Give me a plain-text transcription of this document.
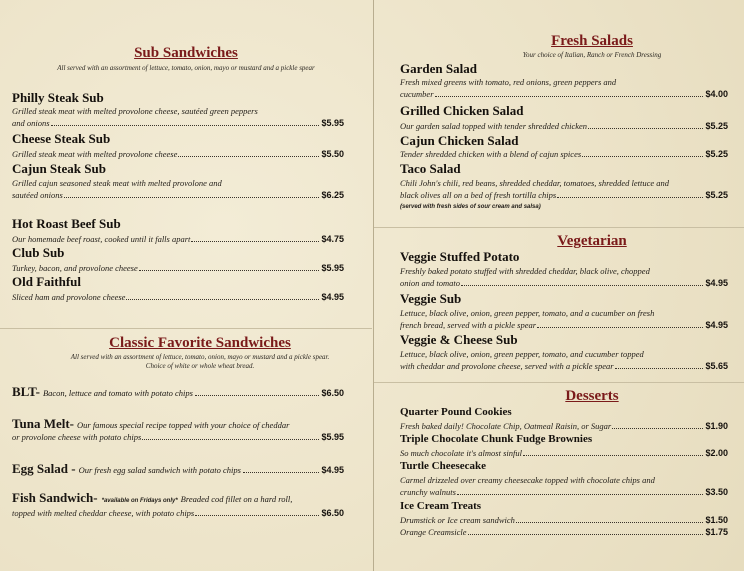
Sub Sandwiches
All served with an assortment of lettuce, tomato, onion, mayo or mustard and a pickle spear
Philly Steak Sub
Grilled steak meat with melted provolone cheese, sautéed green peppers
and onions	$5.95
Cheese Steak Sub
Grilled steak meat with melted provolone cheese	$5.50
Cajun Steak Sub
Grilled cajun seasoned steak meat with melted provolone and
sautéed onions	$6.25
Hot Roast Beef Sub
Our homemade beef roast, cooked until it falls apart	$4.75
Club Sub
Turkey, bacon, and provolone cheese	$5.95
Old Faithful
Sliced ham and provolone cheese	$4.95
Classic Favorite Sandwiches
All served with an assortment of lettuce, tomato, onion, mayo or mustard and a pickle spear.
Choice of white or whole wheat bread.
BLT- Bacon, lettuce and tomato with potato chips	$6.50
Tuna Melt- Our famous special recipe topped with your choice of cheddar
or provolone cheese with potato chips	$5.95
Egg Salad - Our fresh egg salad sandwich with potato chips	$4.95
Fish Sandwich- *available on Fridays only* Breaded cod fillet on a hard roll,
topped with melted cheddar cheese, with potato chips	$6.50
Fresh Salads
Your choice of Italian, Ranch or French Dressing
Garden Salad
Fresh mixed greens with tomato, red onions, green peppers and
cucumber	$4.00
Grilled Chicken Salad
Our garden salad topped with tender shredded chicken	$5.25
Cajun Chicken Salad
Tender shredded chicken with a blend of cajun spices	$5.25
Taco Salad
Chili John's chili, red beans, shredded cheddar, tomatoes, shredded lettuce and
black olives all on a bed of fresh tortilla chips	$5.25
(served with fresh sides of sour cream and salsa)
Vegetarian
Veggie Stuffed Potato
Freshly baked potato stuffed with shredded cheddar, black olive, chopped
onion and tomato	$4.95
Veggie Sub
Lettuce, black olive, onion, green pepper, tomato, and a cucumber on fresh
french bread, served with a pickle spear	$4.95
Veggie & Cheese Sub
Lettuce, black olive, onion, green pepper, tomato, and cucumber topped
with cheddar and provolone cheese, served with a pickle spear	$5.65
Desserts
Quarter Pound Cookies
Fresh baked daily! Chocolate Chip, Oatmeal Raisin, or Sugar	$1.90
Triple Chocolate Chunk Fudge Brownies
So much chocolate it's almost sinful	$2.00
Turtle Cheesecake
Carmel drizzeled over creamy cheesecake topped with chocolate chips and
crunchy walnuts	$3.50
Ice Cream Treats
Drumstick or Ice cream sandwich	$1.50
Orange Creamsicle	$1.75
